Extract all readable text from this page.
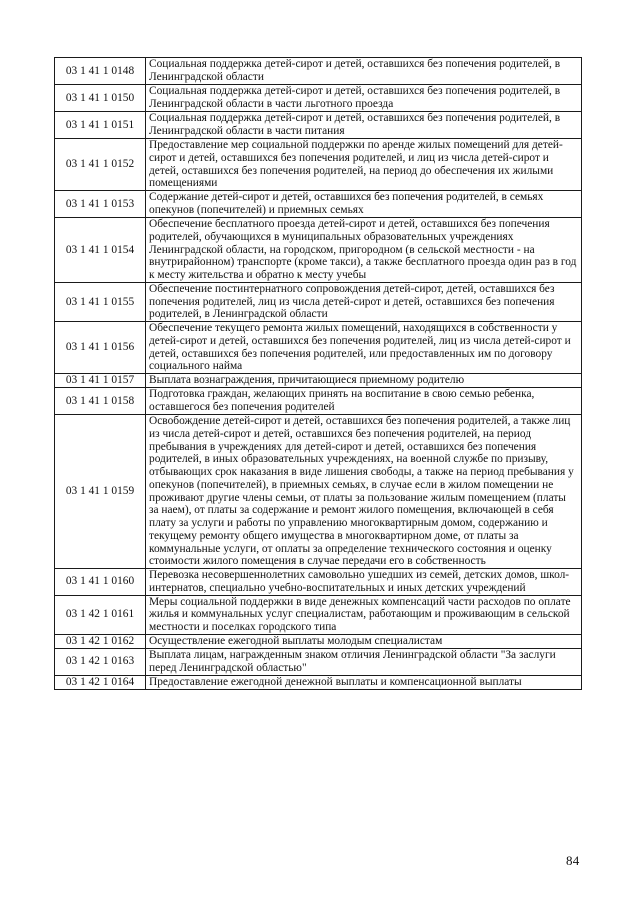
03 1 41 1 0148	Социальная поддержка детей-сирот и детей, оставшихся без попечения родителей, в Ленинградской области
03 1 41 1 0150	Социальная поддержка детей-сирот и детей, оставшихся без попечения родителей, в Ленинградской области в части льготного проезда
03 1 41 1 0151	Социальная поддержка детей-сирот и детей, оставшихся без попечения родителей, в Ленинградской области в части питания
03 1 41 1 0152	Предоставление мер социальной поддержки по аренде жилых помещений для детей-сирот и детей, оставшихся без попечения родителей, и лиц из числа детей-сирот и детей, оставшихся без попечения родителей, на период до обеспечения их жилыми помещениями
03 1 41 1 0153	Содержание детей-сирот и детей, оставшихся без попечения родителей, в семьях опекунов (попечителей) и приемных семьях
03 1 41 1 0154	Обеспечение бесплатного проезда детей-сирот и детей, оставшихся без попечения родителей, обучающихся в муниципальных образовательных учреждениях Ленинградской области, на городском, пригородном (в сельской местности - на внутрирайонном) транспорте (кроме такси), а также бесплатного проезда один раз в год к месту жительства и обратно к месту учебы
03 1 41 1 0155	Обеспечение постинтернатного сопровождения детей-сирот, детей, оставшихся без попечения родителей, лиц из числа детей-сирот и детей, оставшихся без попечения родителей, в Ленинградской области
03 1 41 1 0156	Обеспечение текущего ремонта жилых помещений, находящихся в собственности у детей-сирот и детей, оставшихся без попечения родителей, лиц из числа детей-сирот и детей, оставшихся без попечения родителей, или предоставленных им по договору социального найма
03 1 41 1 0157	Выплата вознаграждения, причитающиеся приемному родителю
03 1 41 1 0158	Подготовка граждан, желающих принять на воспитание в свою семью ребенка, оставшегося без попечения родителей
03 1 41 1 0159	Освобождение детей-сирот и детей, оставшихся без попечения родителей, а также лиц из числа детей-сирот и детей, оставшихся без попечения родителей, на период пребывания в учреждениях для детей-сирот и детей, оставшихся без попечения родителей, в иных образовательных учреждениях, на военной службе по призыву, отбывающих срок наказания в виде лишения свободы, а также на период пребывания у опекунов (попечителей), в приемных семьях, в случае если в жилом помещении не проживают другие члены семьи, от платы за пользование жилым помещением (платы за наем), от платы за содержание и ремонт жилого помещения, включающей в себя плату за услуги и работы по управлению многоквартирным домом, содержанию и текущему ремонту общего имущества в многоквартирном доме, от платы за коммунальные услуги, от оплаты за определение технического состояния и оценку стоимости жилого помещения в случае передачи его в собственность
03 1 41 1 0160	Перевозка несовершеннолетних самовольно ушедших из семей, детских домов, школ-интернатов, специально учебно-воспитательных и иных детских учреждений
03 1 42 1 0161	Меры социальной поддержки в виде денежных компенсаций части расходов по оплате жилья и коммунальных услуг специалистам, работающим и проживающим в сельской местности и поселках городского типа
03 1 42 1 0162	Осуществление ежегодной выплаты молодым специалистам
03 1 42 1 0163	Выплата лицам, награжденным знаком отличия Ленинградской области "За заслуги перед Ленинградской областью"
03 1 42 1 0164	Предоставление ежегодной денежной выплаты и компенсационной выплаты
84
